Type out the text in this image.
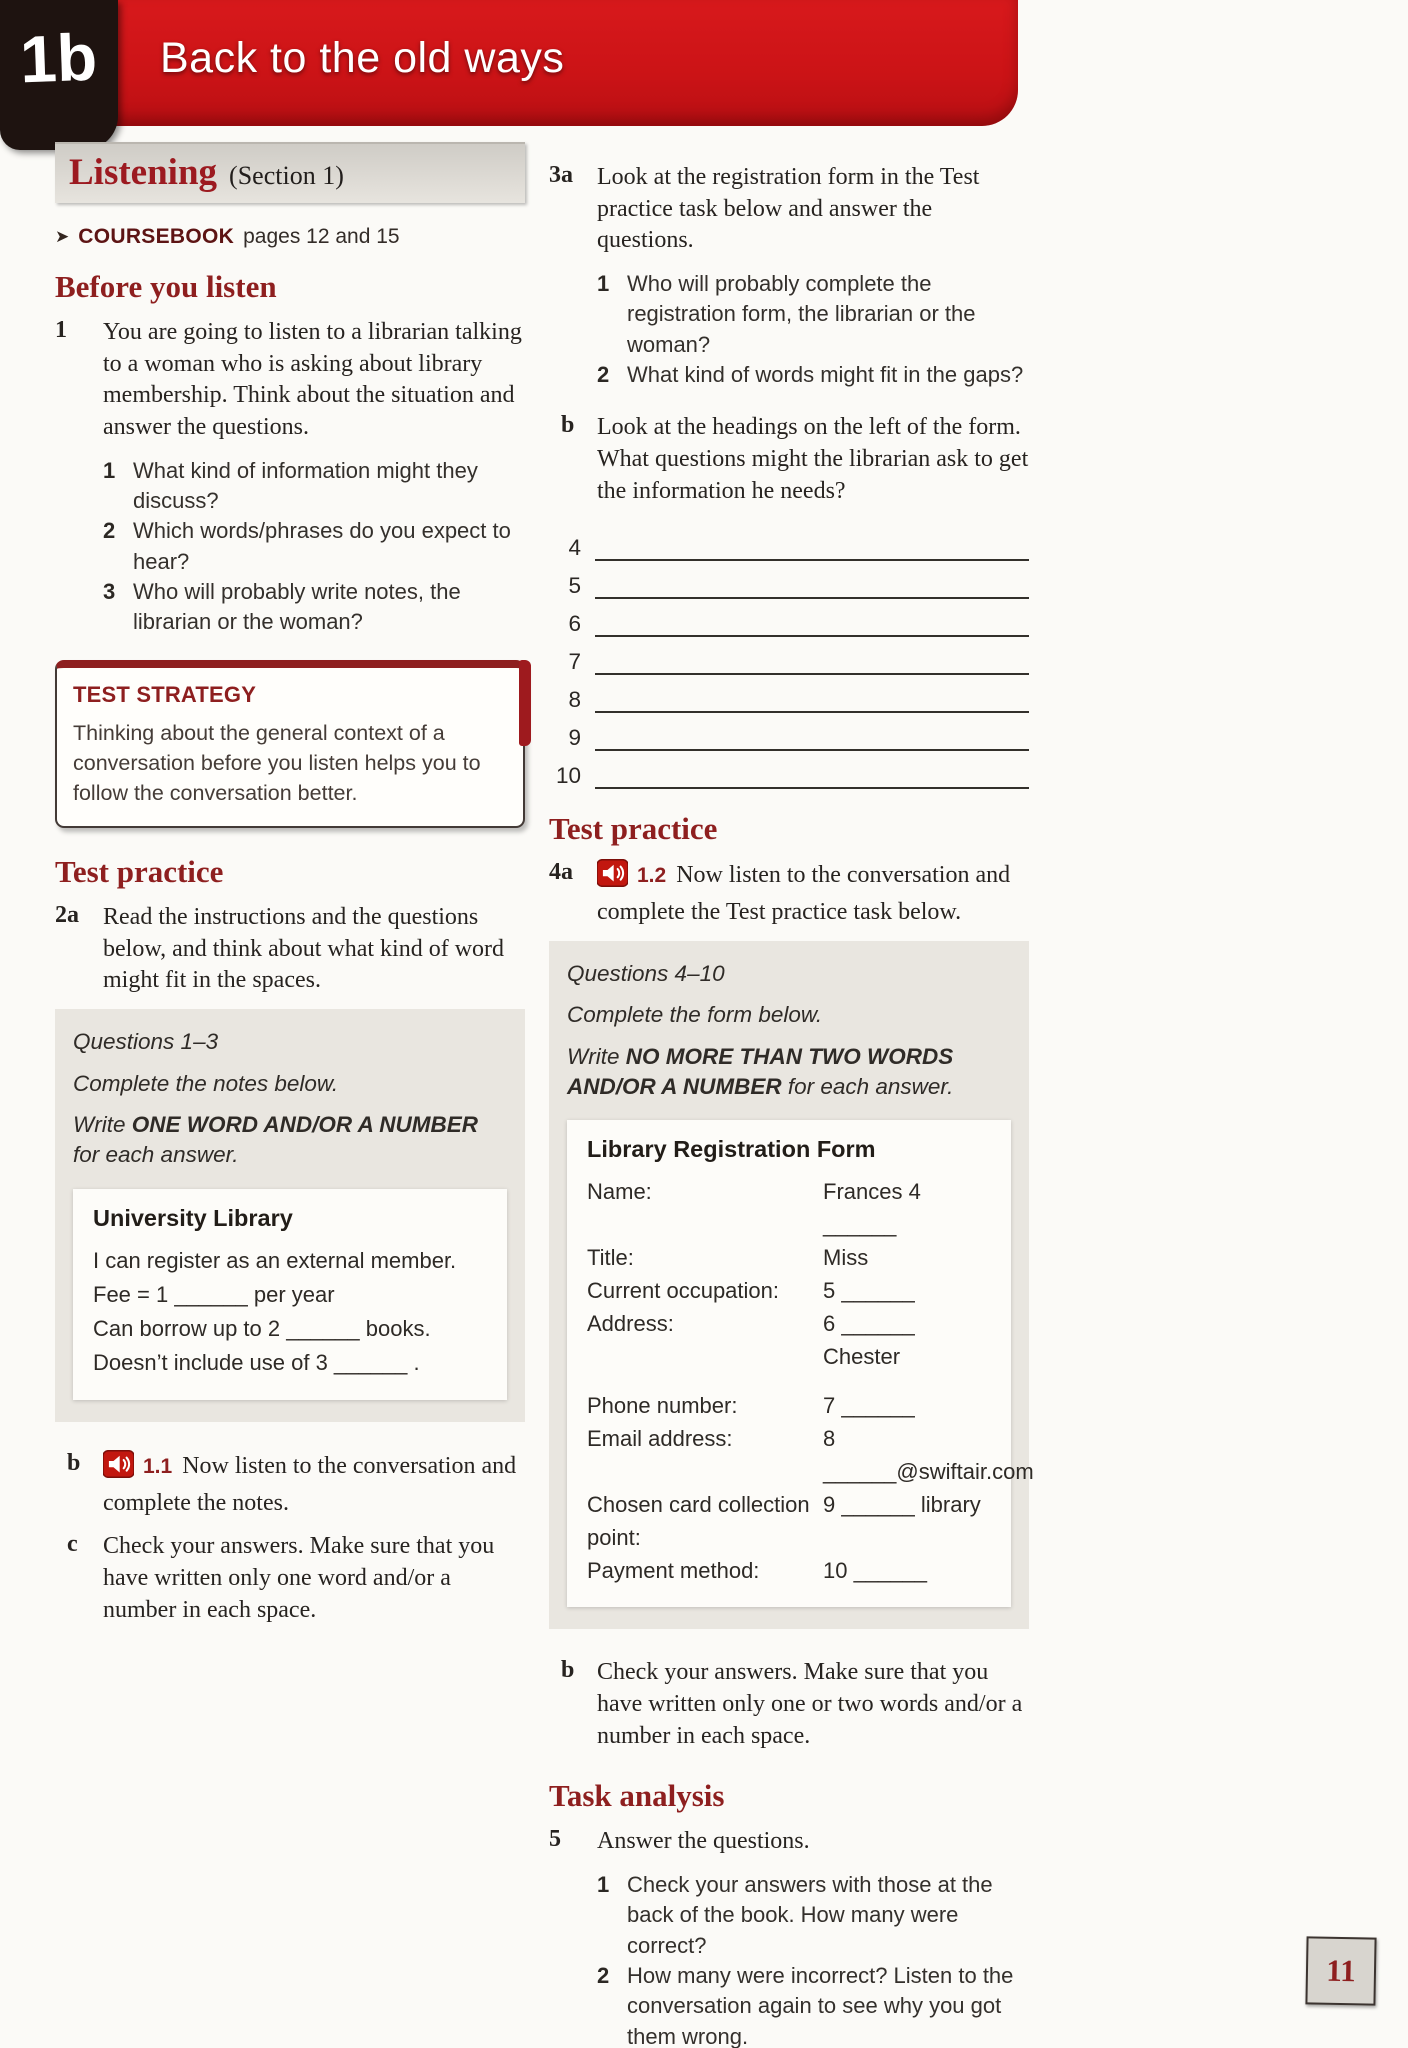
Back to the old ways
1b
Listening (Section 1)
➤ COURSEBOOK pages 12 and 15
Before you listen
1	You are going to listen to a librarian talking to a woman who is asking about library membership. Think about the situation and answer the questions.
1 What kind of information might they discuss?
2 Which words/phrases do you expect to hear?
3 Who will probably write notes, the librarian or the woman?
TEST STRATEGY

Thinking about the general context of a conversation before you listen helps you to follow the conversation better.

Test practice
2a	Read the instructions and the questions below, and think about what kind of word might fit in the spaces.
Questions 1–3
Complete the notes below.
Write ONE WORD AND/OR A NUMBER for each answer.
University Library
I can register as an external member.
Fee = 1 ______ per year
Can borrow up to 2 ______ books.
Doesn’t include use of 3 ______ .
b	1.1 Now listen to the conversation and complete the notes.
c	Check your answers. Make sure that you have written only one word and/or a number in each space.
3a	Look at the registration form in the Test practice task below and answer the questions.
1 Who will probably complete the registration form, the librarian or the woman?
2 What kind of words might fit in the gaps?
b Look at the headings on the left of the form. What questions might the librarian ask to get the information he needs?
4
5
6
7
8
9
10
Test practice
4a	1.2 Now listen to the conversation and complete the Test practice task below.
Questions 4–10
Complete the form below.
Write NO MORE THAN TWO WORDS AND/OR A NUMBER for each answer.
Library Registration Form
Name:	Frances 4 ______
Title:	Miss
Current occupation:	5 ______
Address:	6 ______
Chester
Phone number:	7 ______
Email address:	8 ______@swiftair.com
Chosen card collection point:
9 ______ library
Payment method:	10 ______
b Check your answers. Make sure that you have written only one or two words and/or a number in each space.
Task analysis
5	Answer the questions.
1 Check your answers with those at the back of the book. How many were correct?
2 How many were incorrect? Listen to the conversation again to see why you got them wrong.
11
